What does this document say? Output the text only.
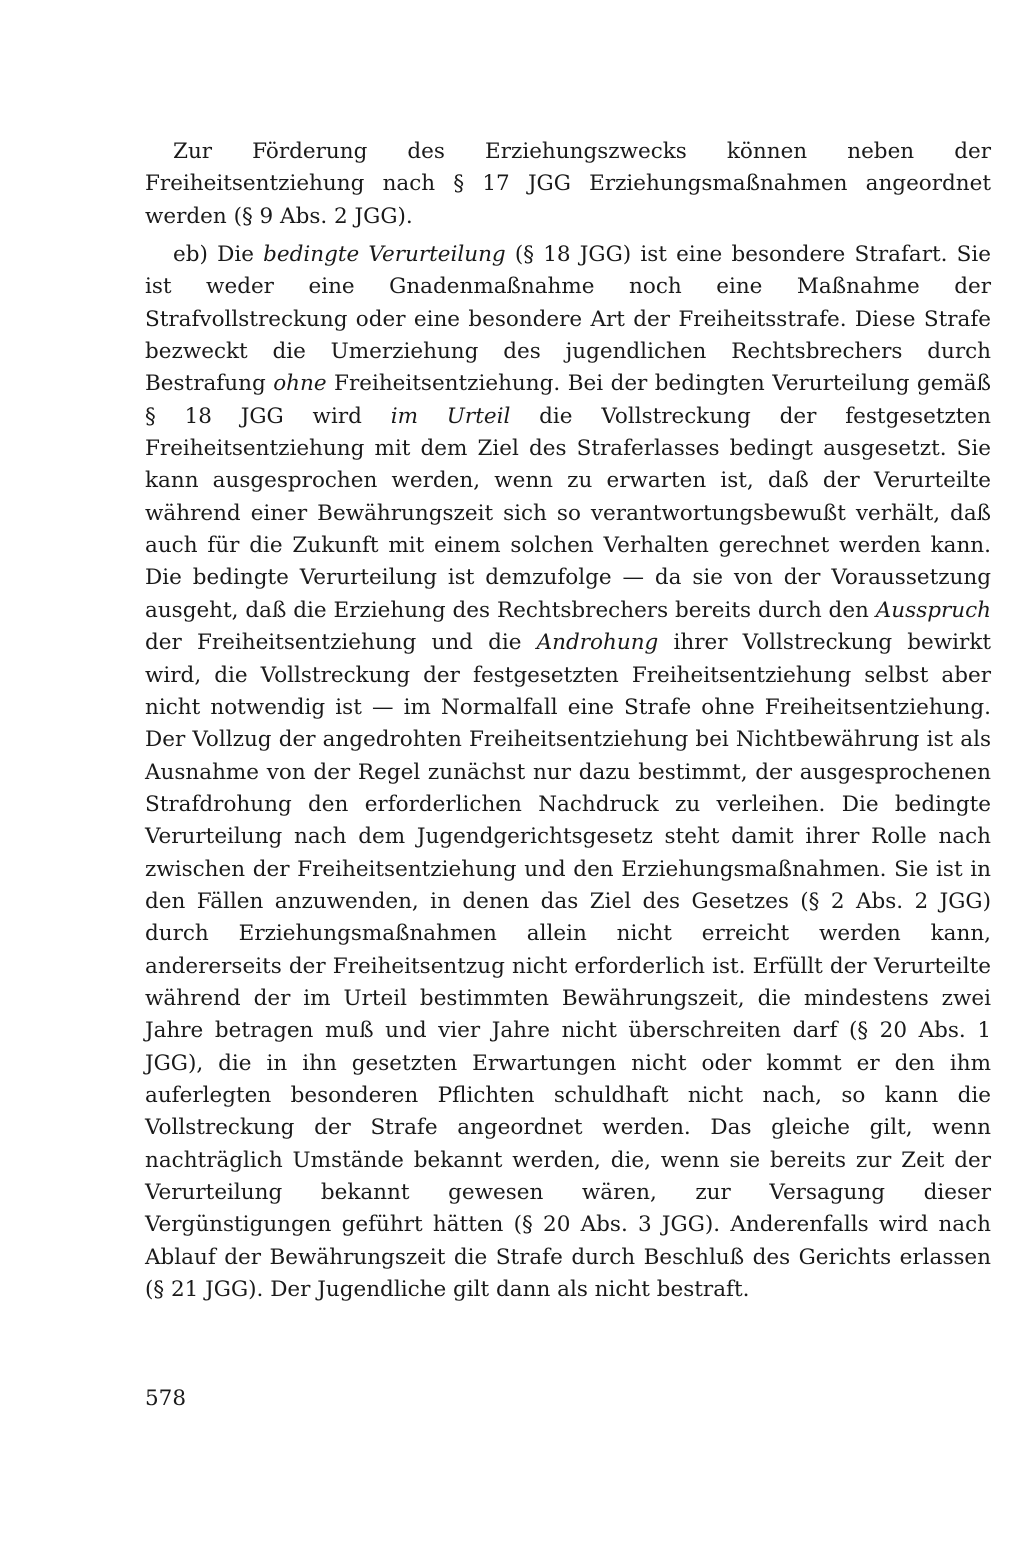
Zur Förderung des Erziehungszwecks können neben der Freiheitsentziehung nach § 17 JGG Erziehungsmaßnahmen angeordnet werden (§ 9 Abs. 2 JGG).

eb) Die bedingte Verurteilung (§ 18 JGG) ist eine besondere Strafart. Sie ist weder eine Gnadenmaßnahme noch eine Maßnahme der Strafvollstreckung oder eine besondere Art der Freiheitsstrafe. Diese Strafe bezweckt die Umerziehung des jugendlichen Rechtsbrechers durch Bestrafung ohne Freiheitsentziehung. Bei der bedingten Verurteilung gemäß § 18 JGG wird im Urteil die Vollstreckung der festgesetzten Freiheitsentziehung mit dem Ziel des Straferlasses bedingt ausgesetzt. Sie kann ausgesprochen werden, wenn zu erwarten ist, daß der Verurteilte während einer Bewährungszeit sich so verantwortungsbewußt verhält, daß auch für die Zukunft mit einem solchen Verhalten gerechnet werden kann. Die bedingte Verurteilung ist demzufolge — da sie von der Voraussetzung ausgeht, daß die Erziehung des Rechtsbrechers bereits durch den Ausspruch der Freiheitsentziehung und die Androhung ihrer Vollstreckung bewirkt wird, die Vollstreckung der festgesetzten Freiheitsentziehung selbst aber nicht notwendig ist — im Normalfall eine Strafe ohne Freiheitsentziehung. Der Vollzug der angedrohten Freiheitsentziehung bei Nichtbewährung ist als Ausnahme von der Regel zunächst nur dazu bestimmt, der ausgesprochenen Strafdrohung den erforderlichen Nachdruck zu verleihen. Die bedingte Verurteilung nach dem Jugendgerichtsgesetz steht damit ihrer Rolle nach zwischen der Freiheitsentziehung und den Erziehungsmaßnahmen. Sie ist in den Fällen anzuwenden, in denen das Ziel des Gesetzes (§ 2 Abs. 2 JGG) durch Erziehungsmaßnahmen allein nicht erreicht werden kann, andererseits der Freiheitsentzug nicht erforderlich ist. Erfüllt der Verurteilte während der im Urteil bestimmten Bewährungszeit, die mindestens zwei Jahre betragen muß und vier Jahre nicht überschreiten darf (§ 20 Abs. 1 JGG), die in ihn gesetzten Erwartungen nicht oder kommt er den ihm auferlegten besonderen Pflichten schuldhaft nicht nach, so kann die Vollstreckung der Strafe angeordnet werden. Das gleiche gilt, wenn nachträglich Umstände bekannt werden, die, wenn sie bereits zur Zeit der Verurteilung bekannt gewesen wären, zur Versagung dieser Vergünstigungen geführt hätten (§ 20 Abs. 3 JGG). Anderenfalls wird nach Ablauf der Bewährungszeit die Strafe durch Beschluß des Gerichts erlassen (§ 21 JGG). Der Jugendliche gilt dann als nicht bestraft.

578
